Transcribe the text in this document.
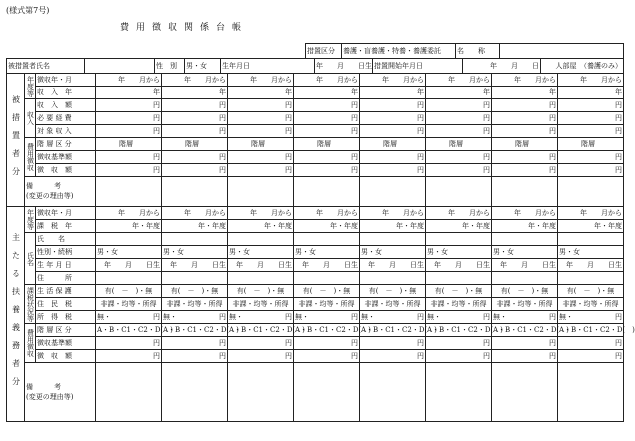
(様式第7号)
費用徴収関係台帳
措置区分	養護・盲養護・特養・養護委託	名　　称	
被措置者氏名		性　別	男・女	生年月日	年　　月　　日生	措置開始年月日	年　　月　　日	人部屋　（養護のみ）
被措置者分	年度等	徴収年・月	年　　月から	年　　月から	年　　月から	年　　月から	年　　月から	年　　月から	年　　月から	年　　月から
		収　入　年	年	年	年	年	年	年	年	年
	収入	収　入　額	円	円	円	円	円	円	円	円
		必 要 経 費	円	円	円	円	円	円	円	円
		対 象 収 入	円	円	円	円	円	円	円	円
	費用徴収	階 層 区 分	階層	階層	階層	階層	階層	階層	階層	階層
		徴収基準額	円	円	円	円	円	円	円	円
		徴　収　額	円	円	円	円	円	円	円	円

	備　　　考
(変更の理由等)									

主たる扶養義務者分	年度等	徴収年・月	年　　月から	年　　月から	年　　月から	年　　月から	年　　月から	年　　月から	年　　月から	年　　月から
		課　税　年	年・年度	年・年度	年・年度	年・年度	年・年度	年・年度	年・年度	年・年度
	氏名	氏　　名								
		性別・続柄	男・女	男・女	男・女	男・女	男・女	男・女	男・女	男・女
		生 年 月 日	年　　月　　日生	年　　月　　日生	年　　月　　日生	年　　月　　日生	年　　月　　日生	年　　月　　日生	年　　月　　日生	年　　月　　日生
		住　　　所								
	課税状況等	生 活 保 護	有(　－　)・無	有(　－　)・無	有(　－　)・無	有(　－　)・無	有(　－　)・無	有(　－　)・無	有(　－　)・無	有(　－　)・無
		住　民　税	非課・均等・所得	非課・均等・所得	非課・均等・所得	非課・均等・所得	非課・均等・所得	非課・均等・所得	非課・均等・所得	非課・均等・所得
		所　得　税	無・ 円	無・ 円	無・ 円	無・ 円	無・ 円	無・ 円	無・ 円	無・ 円

	費用徴収	階 層 区 分	A・B・C1・C2・D(　)	A・B・C1・C2・D(　)	A・B・C1・C2・D(　)	A・B・C1・C2・D(　)	A・B・C1・C2・D(　)	A・B・C1・C2・D(　)	A・B・C1・C2・D(　)	A・B・C1・C2・D(　)
		徴収基準額	円	円	円	円	円	円	円	円
		徴　収　額	円	円	円	円	円	円	円	円

	備　　　考
(変更の理由等)									
